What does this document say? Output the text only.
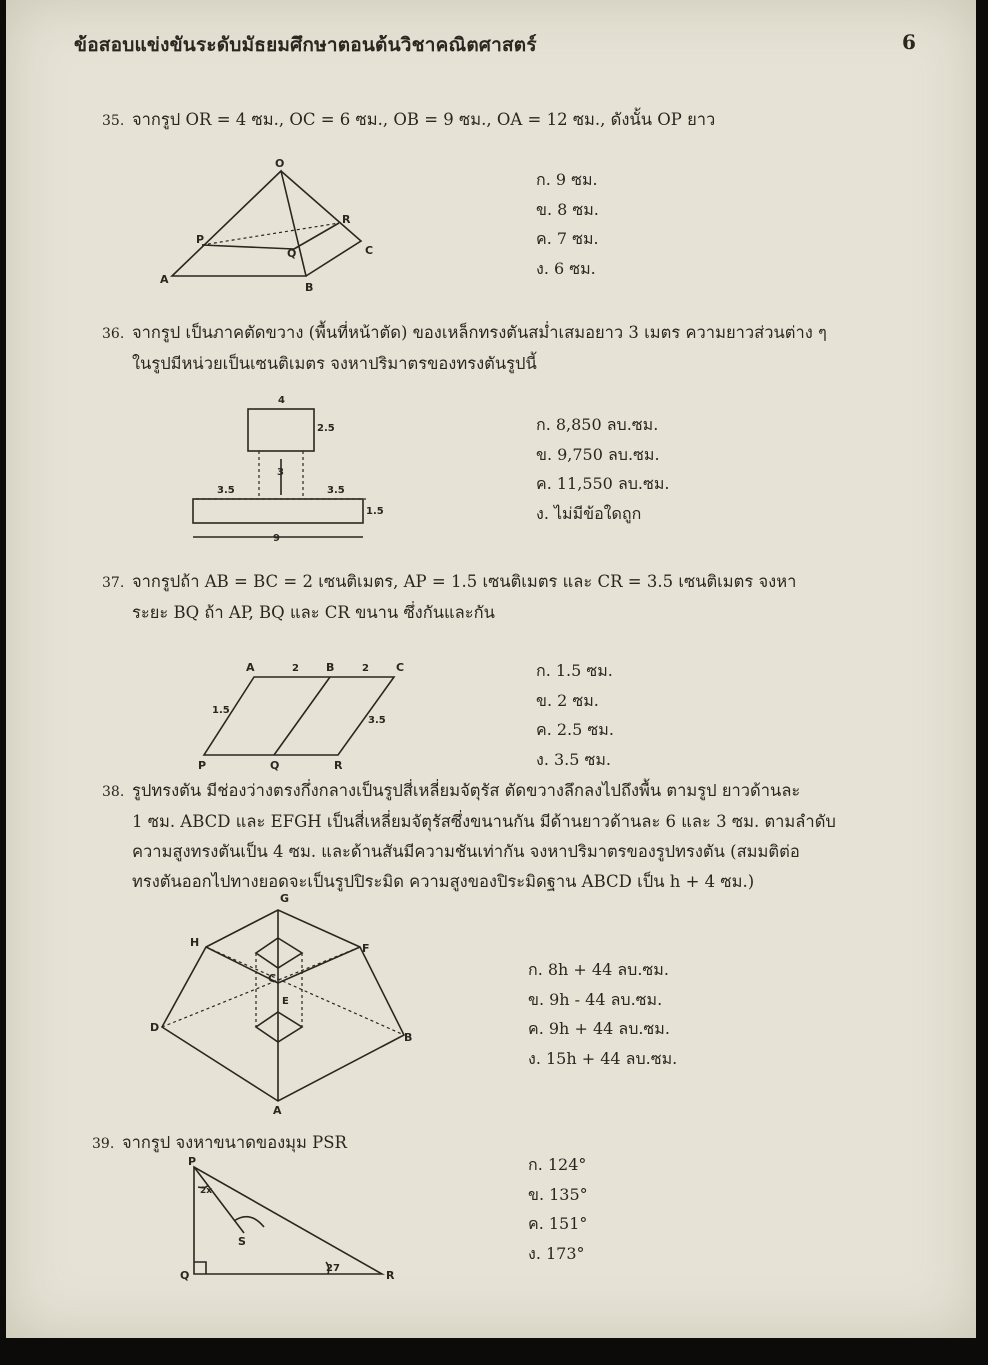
ข้อสอบแข่งขันระดับมัธยมศึกษาตอนต้นวิชาคณิตศาสตร์	6
35. จากรูป OR = 4 ซม., OC = 6 ซม., OB = 9 ซม., OA = 12 ซม., ดังนั้น OP ยาว
O
R
P
Q	C
A
B
ก. 9 ซม.
ข. 8 ซม.
ค. 7 ซม.
ง. 6 ซม.
36. จากรูป เป็นภาคตัดขวาง (พื้นที่หน้าตัด) ของเหล็กทรงตันสม่ำเสมอยาว 3 เมตร ความยาวส่วนต่าง ๆ
ในรูปมีหน่วยเป็นเซนติเมตร จงหาปริมาตรของทรงตันรูปนี้
4
2.5
3
3.5	3.5
1.5
9
ก. 8,850 ลบ.ซม.
ข. 9,750 ลบ.ซม.
ค. 11,550 ลบ.ซม.
ง. ไม่มีข้อใดถูก
37. จากรูปถ้า AB = BC = 2 เซนติเมตร, AP = 1.5 เซนติเมตร และ CR = 3.5 เซนติเมตร จงหา
ระยะ BQ ถ้า AP, BQ และ CR ขนาน ซึ่งกันและกัน
A	2 B	2 C
1.5
3.5
P	Q	R
ก. 1.5 ซม.
ข. 2 ซม.
ค. 2.5 ซม.
ง. 3.5 ซม.
38. รูปทรงตัน มีช่องว่างตรงกึ่งกลางเป็นรูปสี่เหลี่ยมจัตุรัส ตัดขวางลึกลงไปถึงพื้น ตามรูป ยาวด้านละ
1 ซม. ABCD และ EFGH เป็นสี่เหลี่ยมจัตุรัสซึ่งขนานกัน มีด้านยาวด้านละ 6 และ 3 ซม. ตามลำดับ
ความสูงทรงตันเป็น 4 ซม. และด้านสันมีความชันเท่ากัน จงหาปริมาตรของรูปทรงตัน (สมมติต่อ
ทรงตันออกไปทางยอดจะเป็นรูปปิระมิด ความสูงของปิระมิดฐาน ABCD เป็น h + 4 ซม.)
G
H	F
C
E
D
B
A
ก. 8h + 44 ลบ.ซม.
ข. 9h - 44 ลบ.ซม.
ค. 9h + 44 ลบ.ซม.
ง. 15h + 44 ลบ.ซม.
39. จากรูป จงหาขนาดของมุม PSR
P
2x
S
Q
27
R
ก. 124°
ข. 135°
ค. 151°
ง. 173°
